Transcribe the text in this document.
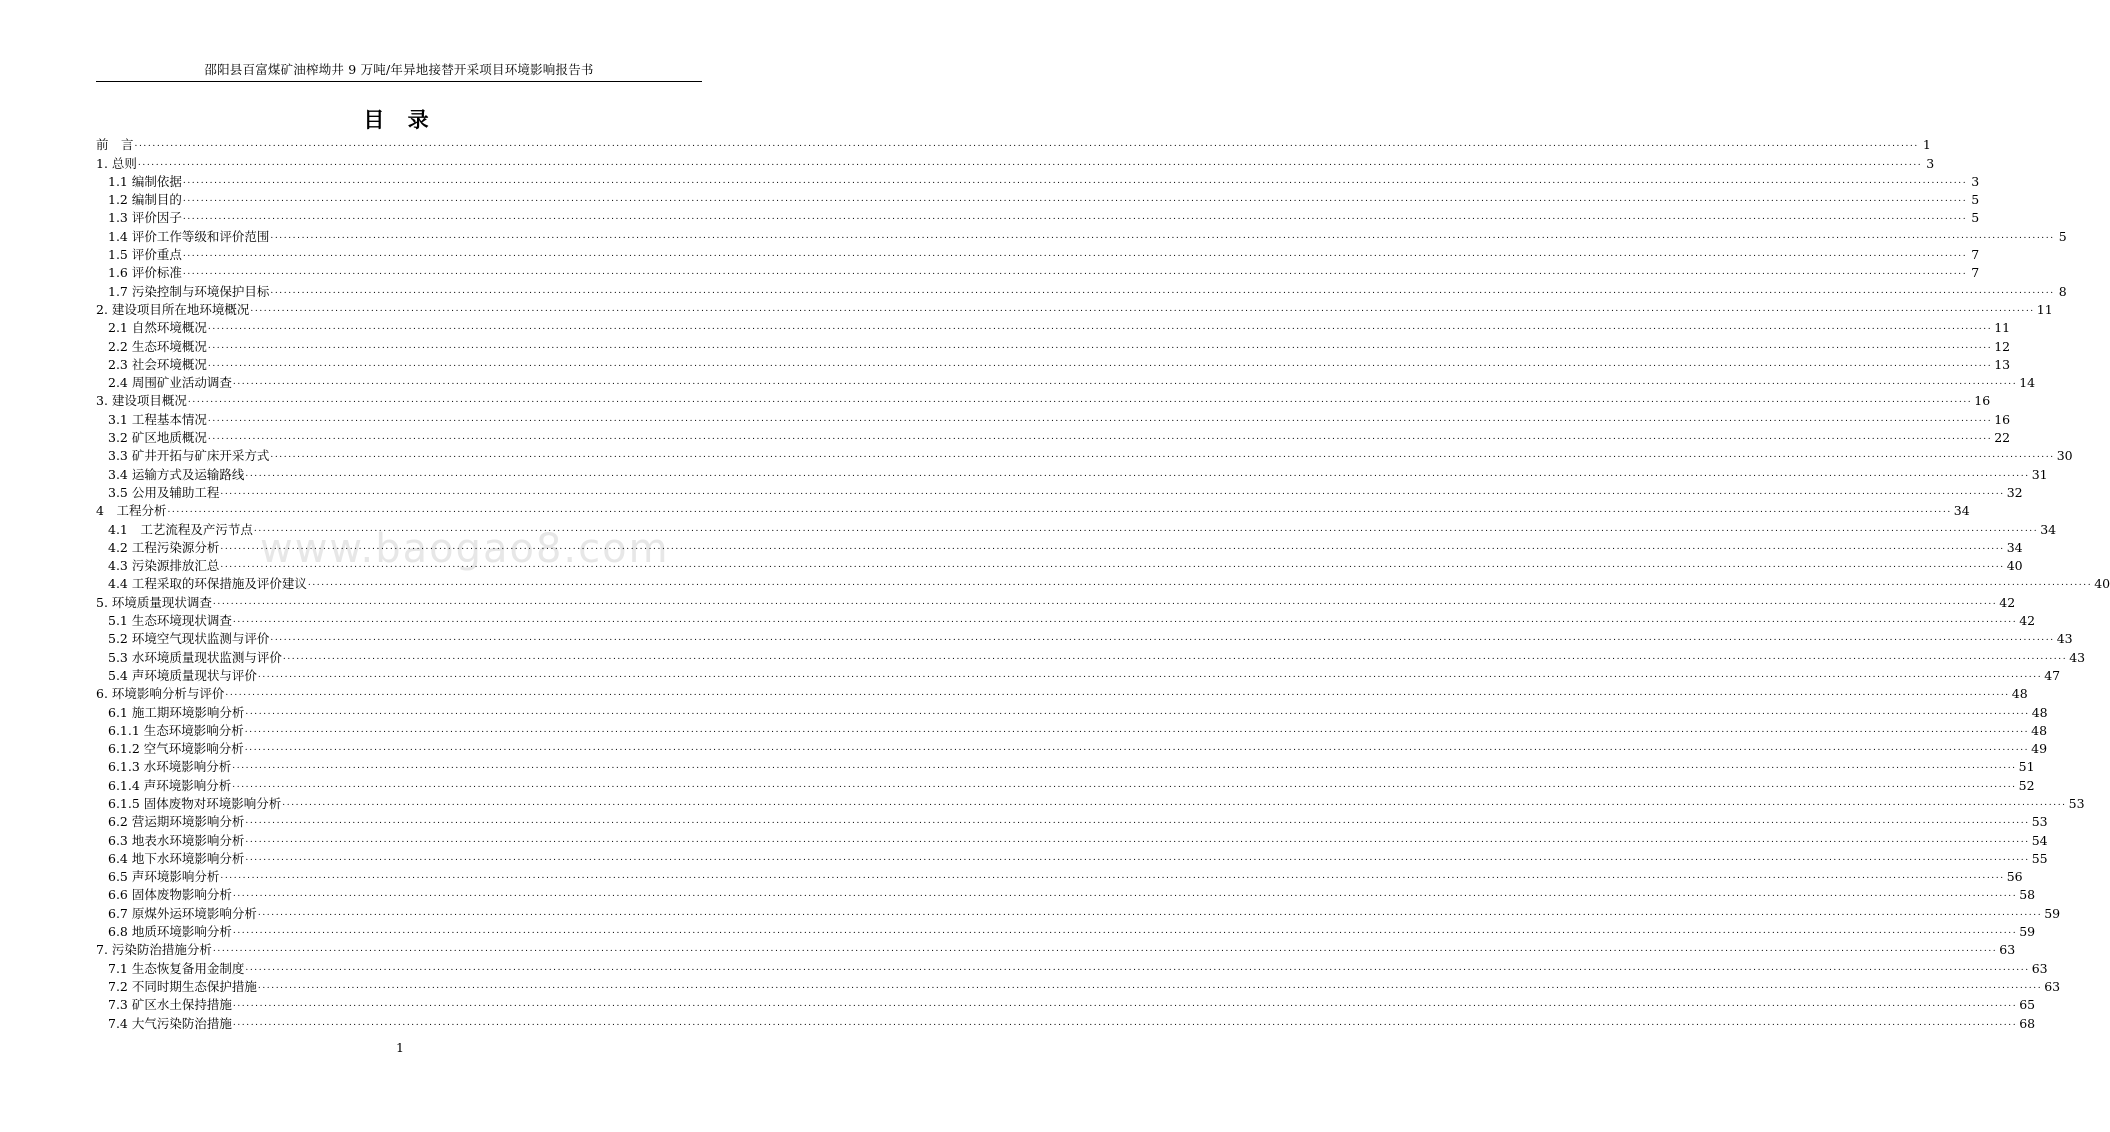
邵阳县百富煤矿油榨坳井 9 万吨/年异地接替开采项目环境影响报告书
目 录
www.baogao8.com
前　言 ................................................................................................................................................................................................................................................................................................................................................................................................................ 1
1. 总则 ................................................................................................................................................................................................................................................................................................................................................................................................................ 3
1.1 编制依据 ................................................................................................................................................................................................................................................................................................................................................................................................................ 3
1.2 编制目的 ................................................................................................................................................................................................................................................................................................................................................................................................................ 5
1.3 评价因子 ................................................................................................................................................................................................................................................................................................................................................................................................................ 5
1.4 评价工作等级和评价范围 ................................................................................................................................................................................................................................................................................................................................................................................................................ 5
1.5 评价重点 ................................................................................................................................................................................................................................................................................................................................................................................................................ 7
1.6 评价标准 ................................................................................................................................................................................................................................................................................................................................................................................................................ 7
1.7 污染控制与环境保护目标 ................................................................................................................................................................................................................................................................................................................................................................................................................ 8
2. 建设项目所在地环境概况 ................................................................................................................................................................................................................................................................................................................................................................................................................ 11
2.1 自然环境概况 ................................................................................................................................................................................................................................................................................................................................................................................................................ 11
2.2 生态环境概况 ................................................................................................................................................................................................................................................................................................................................................................................................................ 12
2.3 社会环境概况 ................................................................................................................................................................................................................................................................................................................................................................................................................ 13
2.4 周围矿业活动调查 ................................................................................................................................................................................................................................................................................................................................................................................................................ 14
3. 建设项目概况 ................................................................................................................................................................................................................................................................................................................................................................................................................ 16
3.1 工程基本情况 ................................................................................................................................................................................................................................................................................................................................................................................................................ 16
3.2 矿区地质概况 ................................................................................................................................................................................................................................................................................................................................................................................................................ 22
3.3 矿井开拓与矿床开采方式 ................................................................................................................................................................................................................................................................................................................................................................................................................ 30
3.4 运输方式及运输路线 ................................................................................................................................................................................................................................................................................................................................................................................................................ 31
3.5 公用及辅助工程 ................................................................................................................................................................................................................................................................................................................................................................................................................ 32
4　工程分析 ................................................................................................................................................................................................................................................................................................................................................................................................................ 34
4.1　工艺流程及产污节点 ................................................................................................................................................................................................................................................................................................................................................................................................................ 34
4.2 工程污染源分析 ................................................................................................................................................................................................................................................................................................................................................................................................................ 34
4.3 污染源排放汇总 ................................................................................................................................................................................................................................................................................................................................................................................................................ 40
4.4 工程采取的环保措施及评价建议 ................................................................................................................................................................................................................................................................................................................................................................................................................ 40
5. 环境质量现状调查 ................................................................................................................................................................................................................................................................................................................................................................................................................ 42
5.1 生态环境现状调查 ................................................................................................................................................................................................................................................................................................................................................................................................................ 42
5.2 环境空气现状监测与评价 ................................................................................................................................................................................................................................................................................................................................................................................................................ 43
5.3 水环境质量现状监测与评价 ................................................................................................................................................................................................................................................................................................................................................................................................................ 43
5.4 声环境质量现状与评价 ................................................................................................................................................................................................................................................................................................................................................................................................................ 47
6. 环境影响分析与评价 ................................................................................................................................................................................................................................................................................................................................................................................................................ 48
6.1 施工期环境影响分析 ................................................................................................................................................................................................................................................................................................................................................................................................................ 48
6.1.1 生态环境影响分析 ................................................................................................................................................................................................................................................................................................................................................................................................................ 48
6.1.2 空气环境影响分析 ................................................................................................................................................................................................................................................................................................................................................................................................................ 49
6.1.3 水环境影响分析 ................................................................................................................................................................................................................................................................................................................................................................................................................ 51
6.1.4 声环境影响分析 ................................................................................................................................................................................................................................................................................................................................................................................................................ 52
6.1.5 固体废物对环境影响分析 ................................................................................................................................................................................................................................................................................................................................................................................................................ 53
6.2 营运期环境影响分析 ................................................................................................................................................................................................................................................................................................................................................................................................................ 53
6.3 地表水环境影响分析 ................................................................................................................................................................................................................................................................................................................................................................................................................ 54
6.4 地下水环境影响分析 ................................................................................................................................................................................................................................................................................................................................................................................................................ 55
6.5 声环境影响分析 ................................................................................................................................................................................................................................................................................................................................................................................................................ 56
6.6 固体废物影响分析 ................................................................................................................................................................................................................................................................................................................................................................................................................ 58
6.7 原煤外运环境影响分析 ................................................................................................................................................................................................................................................................................................................................................................................................................ 59
6.8 地质环境影响分析 ................................................................................................................................................................................................................................................................................................................................................................................................................ 59
7. 污染防治措施分析 ................................................................................................................................................................................................................................................................................................................................................................................................................ 63
7.1 生态恢复备用金制度 ................................................................................................................................................................................................................................................................................................................................................................................................................ 63
7.2 不同时期生态保护措施 ................................................................................................................................................................................................................................................................................................................................................................................................................ 63
7.3 矿区水土保持措施 ................................................................................................................................................................................................................................................................................................................................................................................................................ 65
7.4 大气污染防治措施 ................................................................................................................................................................................................................................................................................................................................................................................................................ 68
1
